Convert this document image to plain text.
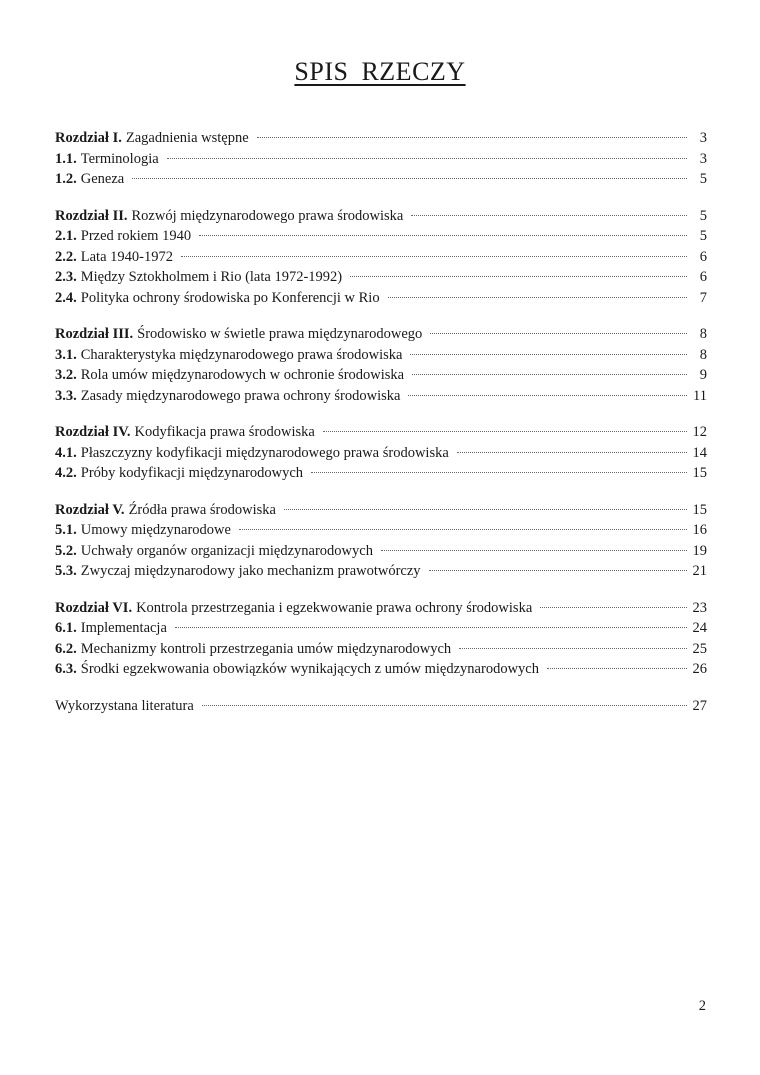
SPIS RZECZY
Rozdział I. Zagadnienia wstępne	3
1.1. Terminologia	3
1.2. Geneza	5
Rozdział II. Rozwój międzynarodowego prawa środowiska	5
2.1. Przed rokiem 1940	5
2.2. Lata 1940-1972	6
2.3. Między Sztokholmem i Rio (lata 1972-1992)	6
2.4. Polityka ochrony środowiska po Konferencji w Rio	7
Rozdział III. Środowisko w świetle prawa międzynarodowego	8
3.1. Charakterystyka międzynarodowego prawa środowiska	8
3.2. Rola umów międzynarodowych w ochronie środowiska	9
3.3. Zasady międzynarodowego prawa ochrony środowiska	11
Rozdział IV. Kodyfikacja prawa środowiska	12
4.1. Płaszczyzny kodyfikacji międzynarodowego prawa środowiska	14
4.2. Próby kodyfikacji międzynarodowych	15
Rozdział V. Źródła prawa środowiska	15
5.1. Umowy międzynarodowe	16
5.2. Uchwały organów organizacji międzynarodowych	19
5.3. Zwyczaj międzynarodowy jako mechanizm prawotwórczy	21
Rozdział VI. Kontrola przestrzegania i egzekwowanie prawa ochrony środowiska	23
6.1. Implementacja	24
6.2. Mechanizmy kontroli przestrzegania umów międzynarodowych	25
6.3. Środki egzekwowania obowiązków wynikających z umów międzynarodowych	26
Wykorzystana literatura	27
2
